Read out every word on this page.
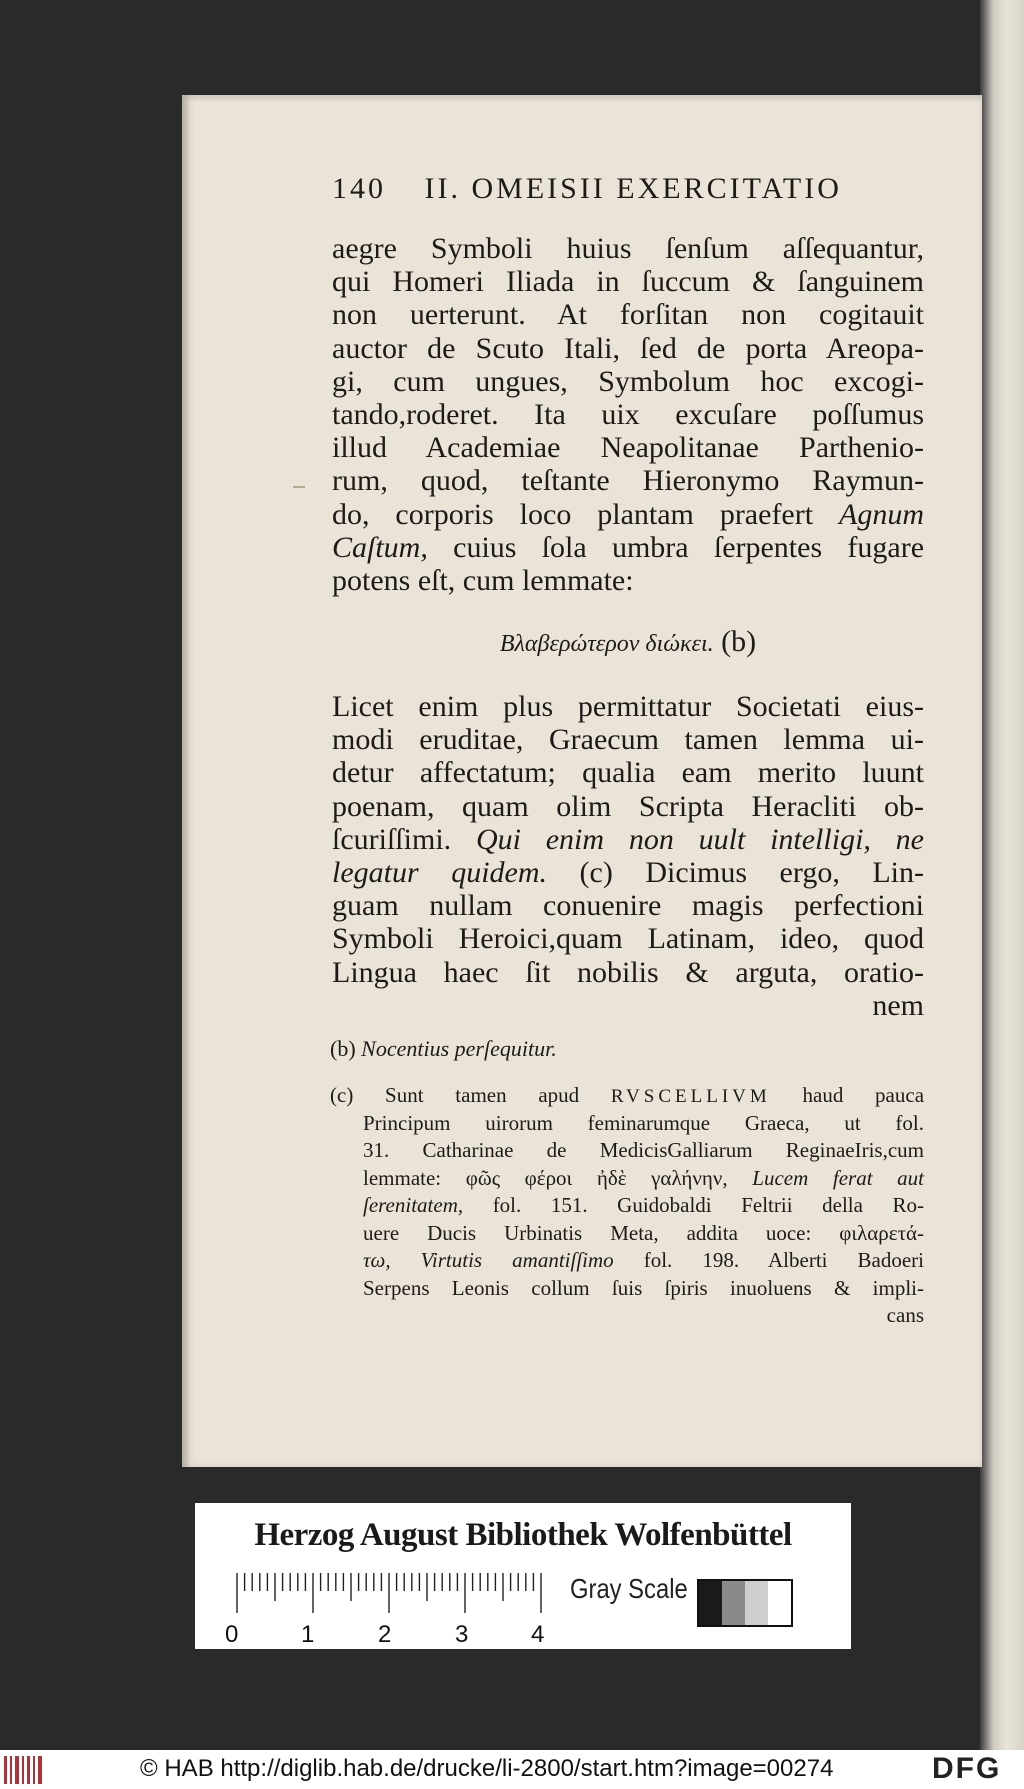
140 II. OMEISII EXERCITATIO
aegre Symboli huius ſenſum aſſequantur,
qui Homeri Iliada in ſuccum & ſanguinem
non uerterunt. At forſitan non cogitauit
auctor de Scuto Itali, ſed de porta Areopa-
gi, cum ungues, Symbolum hoc excogi-
tando,roderet. Ita uix excuſare poſſumus
illud Academiae Neapolitanae Parthenio-
rum, quod, teſtante Hieronymo Raymun-
do, corporis loco plantam praefert Agnum
Caſtum, cuius ſola umbra ſerpentes fugare
potens eſt, cum lemmate:
Βλαβερώτερον διώκει. (b)
Licet enim plus permittatur Societati eius-
modi eruditae, Graecum tamen lemma ui-
detur affectatum; qualia eam merito luunt
poenam, quam olim Scripta Heracliti ob-
ſcuriſſimi. Qui enim non uult intelligi, ne
legatur quidem. (c) Dicimus ergo, Lin-
guam nullam conuenire magis perfectioni
Symboli Heroici,quam Latinam, ideo, quod
Lingua haec ſit nobilis & arguta, oratio-
nem
(b) Nocentius perſequitur.
(c) Sunt tamen apud RVSCELLIVM haud pauca
Principum uirorum feminarumque Graeca, ut fol.
31. Catharinae de MedicisGalliarum ReginaeIris,cum
lemmate: φῶς φέροι ἠδὲ γαλήνην, Lucem ferat aut
ſerenitatem, fol. 151. Guidobaldi Feltrii della Ro-
uere Ducis Urbinatis Meta, addita uoce: φιλαρετά-
τω, Virtutis amantiſſimo fol. 198. Alberti Badoeri
Serpens Leonis collum ſuis ſpiris inuoluens & impli-
cans
Herzog August Bibliothek Wolfenbüttel
0	1	2	3	4
Gray Scale
© HAB http://diglib.hab.de/drucke/li-2800/start.htm?image=00274	DFG
